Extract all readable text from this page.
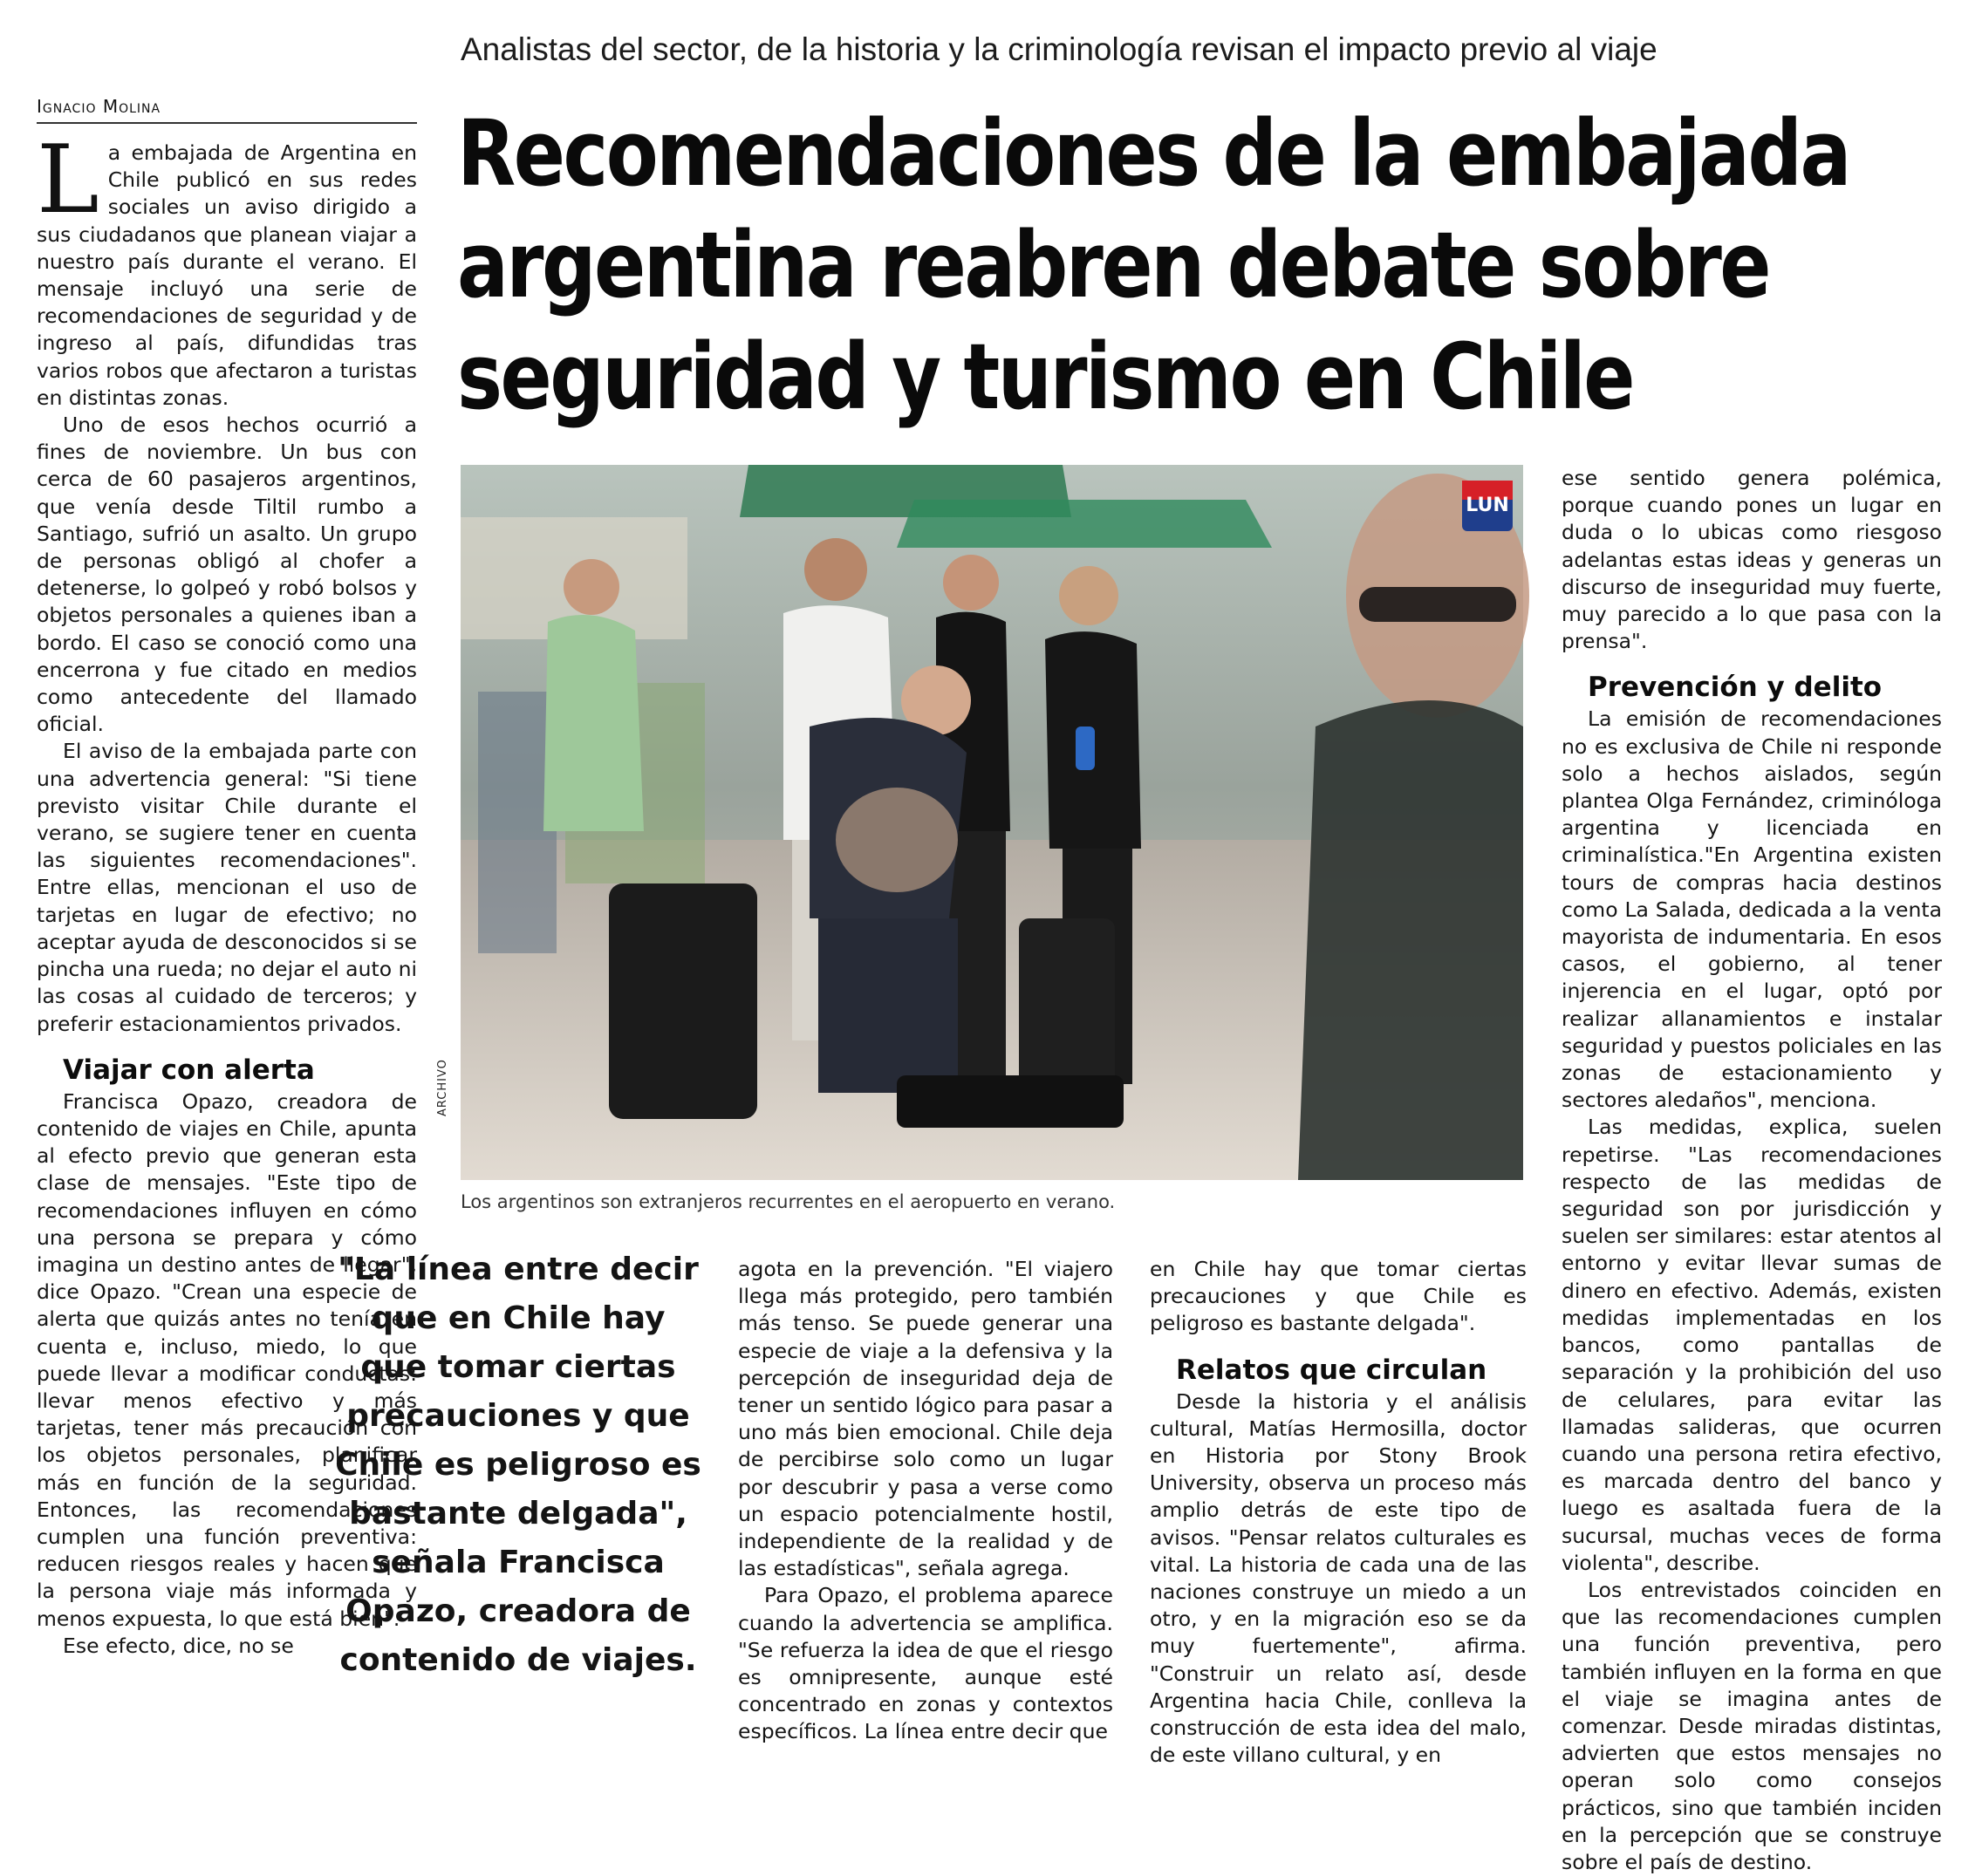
Analistas del sector, de la historia y la criminología revisan el impacto previo al viaje
Ignacio Molina	Recomendaciones de la embajada
argentina reabren debate sobre
seguridad y turismo en Chile

La embajada de Argentina en Chile publicó en sus redes sociales un aviso dirigido a sus ciudadanos que planean viajar a nuestro país durante el verano. El mensaje incluyó una serie de recomendaciones de seguridad y de ingreso al país, difundidas tras varios robos que afectaron a turistas en distintas zonas.

Uno de esos hechos ocurrió a fines de noviembre. Un bus con cerca de 60 pasajeros argentinos, que venía desde Tiltil rumbo a Santiago, sufrió un asalto. Un grupo de personas obligó al chofer a detenerse, lo golpeó y robó bolsos y objetos personales a quienes iban a bordo. El caso se conoció como una encerrona y fue citado en medios como antecedente del llamado oficial.

El aviso de la embajada parte con una advertencia general: "Si tiene previsto visitar Chile durante el verano, se sugiere tener en cuenta las siguientes recomendaciones". Entre ellas, mencionan el uso de tarjetas en lugar de efectivo; no aceptar ayuda de desconocidos si se pincha una rueda; no dejar el auto ni las cosas al cuidado de terceros; y preferir estacionamientos privados.

Viajar con alerta

Francisca Opazo, creadora de contenido de viajes en Chile, apunta al efecto previo que generan esta clase de mensajes. "Este tipo de recomendaciones influyen en cómo una persona se prepara y cómo imagina un destino antes de llegar", dice Opazo. "Crean una especie de alerta que quizás antes no tenía en cuenta e, incluso, miedo, lo que puede llevar a modificar conductas: llevar menos efectivo y más tarjetas, tener más precaución con los objetos personales, planificar más en función de la seguridad. Entonces, las recomendaciones cumplen una función preventiva: reducen riesgos reales y hacen que la persona viaje más informada y menos expuesta, lo que está bien".

Ese efecto, dice, no se

LUN
ARCHIVO
Los argentinos son extranjeros recurrentes en el aeropuerto en verano.
"La línea entre decir que en Chile hay que tomar ciertas precauciones y que Chile es peligroso es bastante delgada", señala Francisca Opazo, creadora de contenido de viajes.

agota en la prevención. "El viajero llega más protegido, pero también más tenso. Se puede generar una especie de viaje a la defensiva y la percepción de inseguridad deja de tener un sentido lógico para pasar a uno más bien emocional. Chile deja de percibirse solo como un lugar por descubrir y pasa a verse como un espacio potencialmente hostil, independiente de la realidad y de las estadísticas", señala agrega.

Para Opazo, el problema aparece cuando la advertencia se amplifica. "Se refuerza la idea de que el riesgo es omnipresente, aunque esté concentrado en zonas y contextos específicos. La línea entre decir que

en Chile hay que tomar ciertas precauciones y que Chile es peligroso es bastante delgada".

Relatos que circulan

Desde la historia y el análisis cultural, Matías Hermosilla, doctor en Historia por Stony Brook University, observa un proceso más amplio detrás de este tipo de avisos. "Pensar relatos culturales es vital. La historia de cada una de las naciones construye un miedo a un otro, y en la migración eso se da muy fuertemente", afirma. "Construir un relato así, desde Argentina hacia Chile, conlleva la construcción de esta idea del malo, de este villano cultural, y en

ese sentido genera polémica, porque cuando pones un lugar en duda o lo ubicas como riesgoso adelantas estas ideas y generas un discurso de inseguridad muy fuerte, muy parecido a lo que pasa con la prensa".

Prevención y delito

La emisión de recomendaciones no es exclusiva de Chile ni responde solo a hechos aislados, según plantea Olga Fernández, criminóloga argentina y licenciada en criminalística."En Argentina existen tours de compras hacia destinos como La Salada, dedicada a la venta mayorista de indumentaria. En esos casos, el gobierno, al tener injerencia en el lugar, optó por realizar allanamientos e instalar seguridad y puestos policiales en las zonas de estacionamiento y sectores aledaños", menciona.

Las medidas, explica, suelen repetirse. "Las recomendaciones respecto de las medidas de seguridad son por jurisdicción y suelen ser similares: estar atentos al entorno y evitar llevar sumas de dinero en efectivo. Además, existen medidas implementadas en los bancos, como pantallas de separación y la prohibición del uso de celulares, para evitar las llamadas salideras, que ocurren cuando una persona retira efectivo, es marcada dentro del banco y luego es asaltada fuera de la sucursal, muchas veces de forma violenta", describe.

Los entrevistados coinciden en que las recomendaciones cumplen una función preventiva, pero también influyen en la forma en que el viaje se imagina antes de comenzar. Desde miradas distintas, advierten que estos mensajes no operan solo como consejos prácticos, sino que también inciden en la percepción que se construye sobre el país de destino.
